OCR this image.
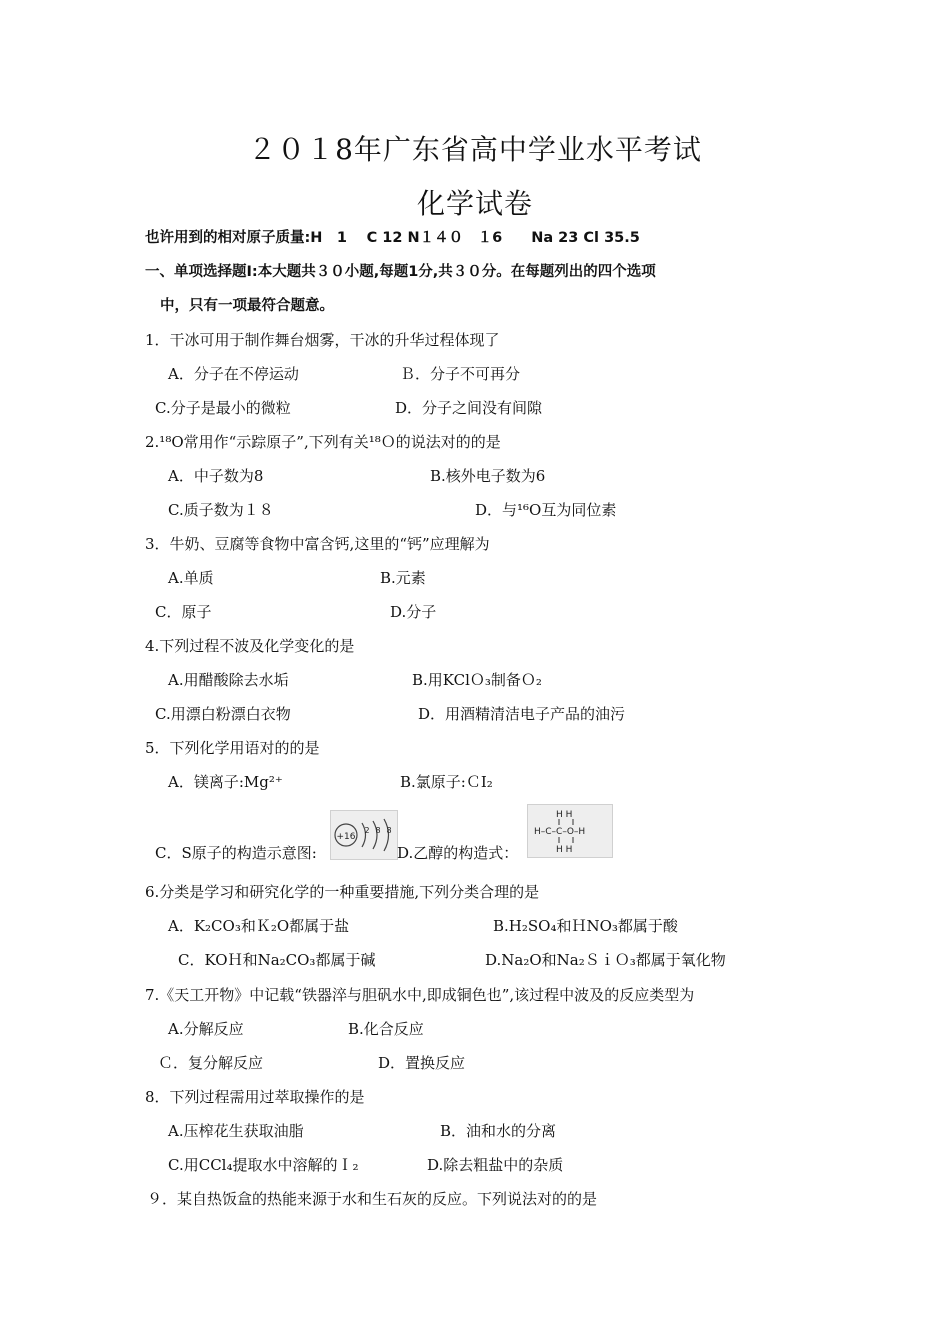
２０１8年广东省高中学业水平考试
化学试卷
也许用到的相对原子质量:H　1　 C 12 N１４０　１6　　Na 23 Cl 35.5
一、单项选择题Ⅰ:本大题共３０小题,每题1分,共３０分。在每题列出的四个选项
中，只有一项最符合题意。
1．干冰可用于制作舞台烟雾，干冰的升华过程体现了
A．分子在不停运动	Ｂ．分子不可再分
C.分子是最小的微粒	D．分子之间没有间隙
2.¹⁸O常用作“示踪原子”,下列有关¹⁸Ｏ的说法对的的是
A．中子数为8	B.核外电子数为6
C.质子数为１８	D．与¹⁶O互为同位素
3．牛奶、豆腐等食物中富含钙,这里的“钙”应理解为
A.单质	B.元素
C．原子	D.分子
4.下列过程不波及化学变化的是
A.用醋酸除去水垢	B.用KClＯ₃制备Ｏ₂
C.用漂白粉漂白衣物	D．用酒精清洁电子产品的油污
5．下列化学用语对的的是
A．镁离子:Mg²⁺	B.氯原子:ＣI₂
C．S原子的构造示意图:
+16
2 8 8
D.乙醇的构造式：
H H
H–C–C–O–H
H H
6.分类是学习和研究化学的一种重要措施,下列分类合理的是
A．K₂CO₃和Ｋ₂O都属于盐	B.H₂SO₄和ＨNO₃都属于酸
C．KOＨ和Na₂CO₃都属于碱	D.Na₂O和Na₂ＳｉＯ₃都属于氧化物
7.《天工开物》中记载“铁器淬与胆矾水中,即成铜色也”,该过程中波及的反应类型为
A.分解反应	B.化合反应
Ｃ．复分解反应	D．置换反应
8．下列过程需用过萃取操作的是
A.压榨花生获取油脂	B．油和水的分离
C.用CCl₄提取水中溶解的Ｉ₂	D.除去粗盐中的杂质
９．某自热饭盒的热能来源于水和生石灰的反应。下列说法对的的是
